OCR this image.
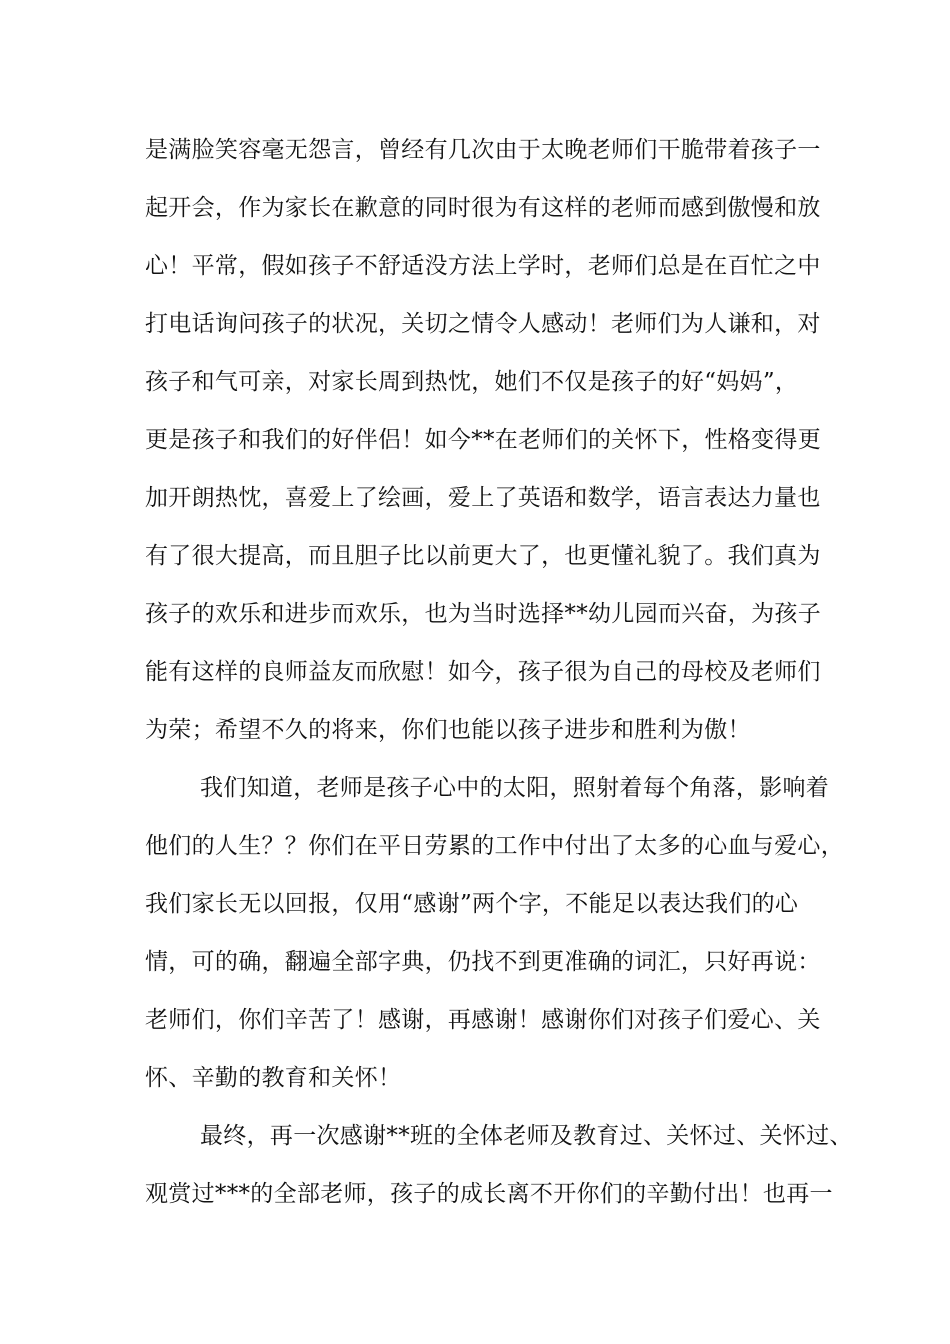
是满脸笑容毫无怨言，曾经有几次由于太晚老师们干脆带着孩子一
起开会，作为家长在歉意的同时很为有这样的老师而感到傲慢和放
心！平常，假如孩子不舒适没方法上学时，老师们总是在百忙之中
打电话询问孩子的状况，关切之情令人感动！老师们为人谦和，对
孩子和气可亲，对家长周到热忱，她们不仅是孩子的好“妈妈”，
更是孩子和我们的好伴侣！如今**在老师们的关怀下，性格变得更
加开朗热忱，喜爱上了绘画，爱上了英语和数学，语言表达力量也
有了很大提高，而且胆子比以前更大了，也更懂礼貌了。我们真为
孩子的欢乐和进步而欢乐，也为当时选择**幼儿园而兴奋，为孩子
能有这样的良师益友而欣慰！如今，孩子很为自己的母校及老师们
为荣；希望不久的将来，你们也能以孩子进步和胜利为傲！
我们知道，老师是孩子心中的太阳，照射着每个角落，影响着
他们的人生？？你们在平日劳累的工作中付出了太多的心血与爱心，
我们家长无以回报，仅用“感谢”两个字，不能足以表达我们的心
情，可的确，翻遍全部字典，仍找不到更准确的词汇，只好再说：
老师们，你们辛苦了！感谢，再感谢！感谢你们对孩子们爱心、关
怀、辛勤的教育和关怀！
最终，再一次感谢**班的全体老师及教育过、关怀过、关怀过、
观赏过***的全部老师，孩子的成长离不开你们的辛勤付出！也再一
